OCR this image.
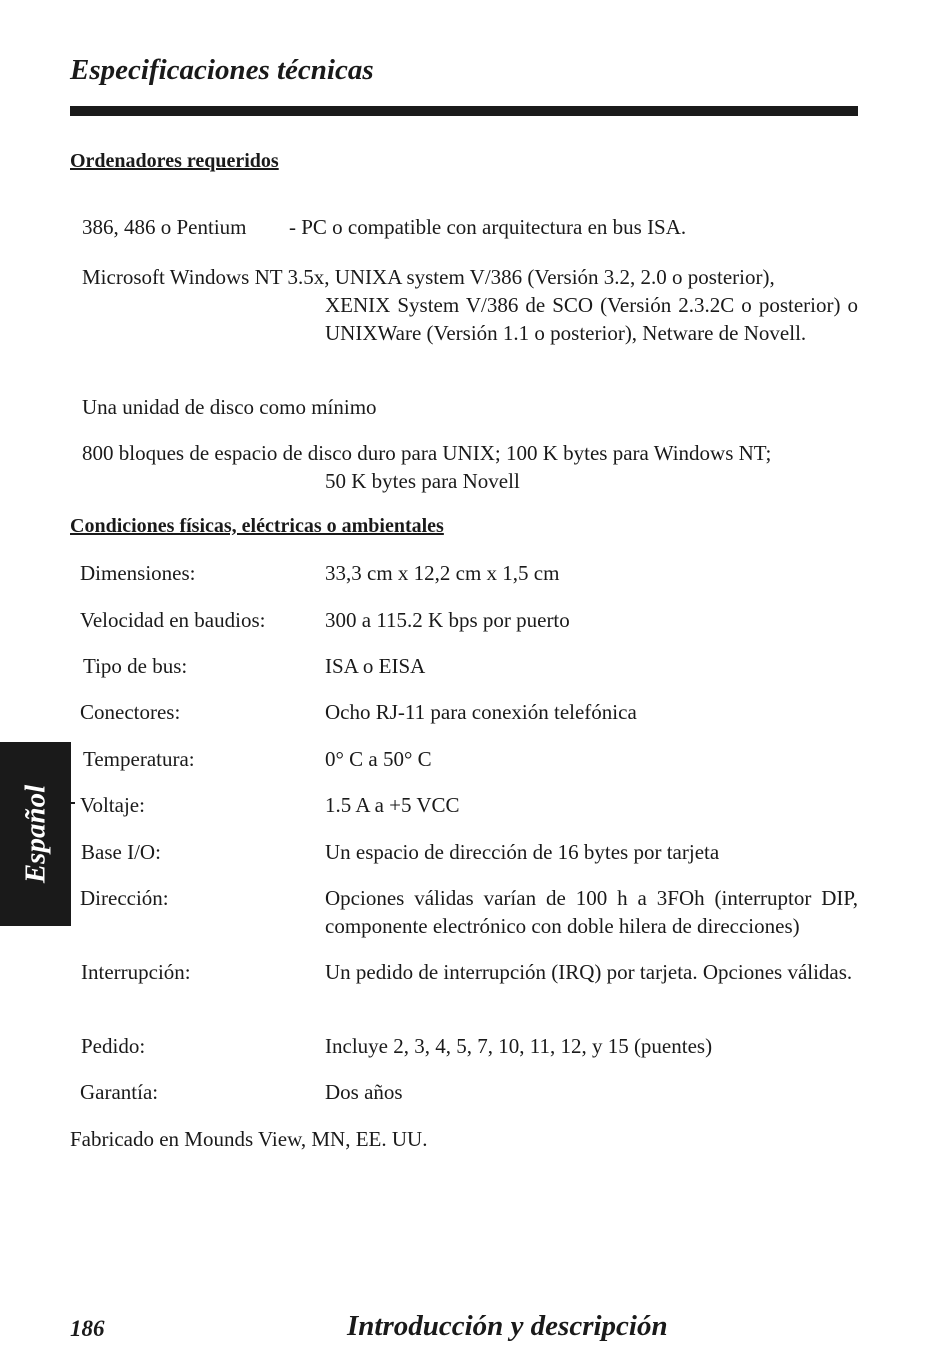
Especificaciones técnicas
Ordenadores requeridos
386, 486 o Pentium - PC o compatible con arquitectura en bus ISA.
Microsoft Windows NT 3.5x, UNIXA system V/386 (Versión 3.2, 2.0 o posterior),
XENIX System V/386 de SCO (Versión 2.3.2C o posterior) o UNIXWare (Versión 1.1 o posterior), Netware de Novell.
Una unidad de disco como mínimo
800 bloques de espacio de disco duro para UNIX; 100 K bytes para Windows NT;
50 K bytes para Novell
Condiciones físicas, eléctricas o ambientales
Dimensiones:	33,3 cm x 12,2 cm x 1,5 cm
Velocidad en baudios:	300 a 115.2 K bps por puerto
Tipo de bus:	ISA o EISA
Conectores:	Ocho RJ-11 para conexión telefónica
Temperatura:	0° C a 50° C
Voltaje:	1.5 A a +5 VCC
Base I/O:	Un espacio de dirección de 16 bytes por tarjeta
Dirección:	Opciones válidas varían de 100 h a 3FOh (interruptor DIP, componente electrónico con doble hilera de direcciones)
Interrupción:	Un pedido de interrupción (IRQ) por tarjeta. Opciones válidas.
Pedido:	Incluye 2, 3, 4, 5, 7, 10, 11, 12, y 15 (puentes)
Garantía:	Dos años
Fabricado en Mounds View, MN, EE. UU.
Español
186	Introducción y descripción
